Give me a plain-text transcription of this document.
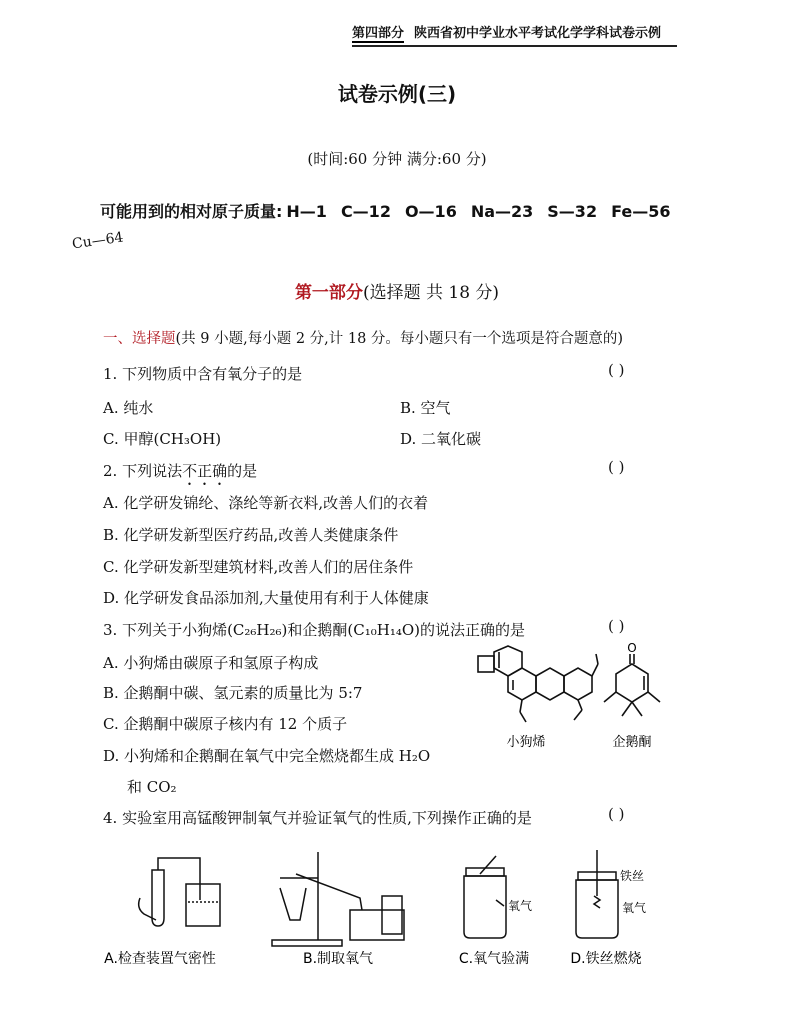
第四部分 陕西省初中学业水平考试化学学科试卷示例
试卷示例(三)
(时间:60 分钟 满分:60 分)
可能用到的相对原子质量: H—1 C—12 O—16 Na—23 S—32 Fe—56
Cu—64
第一部分(选择题 共 18 分)
一、选择题(共 9 小题,每小题 2 分,计 18 分。每小题只有一个选项是符合题意的)
1. 下列物质中含有氧分子的是	( )
A. 纯水	B. 空气
C. 甲醇(CH₃OH)	D. 二氧化碳
2. 下列说法不正确的是	( )
A. 化学研发锦纶、涤纶等新衣料,改善人们的衣着
B. 化学研发新型医疗药品,改善人类健康条件
C. 化学研发新型建筑材料,改善人们的居住条件
D. 化学研发食品添加剂,大量使用有利于人体健康
3. 下列关于小狗烯(C₂₆H₂₆)和企鹅酮(C₁₀H₁₄O)的说法正确的是	( )
A. 小狗烯由碳原子和氢原子构成
B. 企鹅酮中碳、氢元素的质量比为 5:7
C. 企鹅酮中碳原子核内有 12 个质子
D. 小狗烯和企鹅酮在氧气中完全燃烧都生成 H₂O
和 CO₂
O
小狗烯	企鹅酮
4. 实验室用高锰酸钾制氧气并验证氧气的性质,下列操作正确的是	( )
氧气
铁丝
氧气
A.检查装置气密性	B.制取氧气	C.氧气验满	D.铁丝燃烧
